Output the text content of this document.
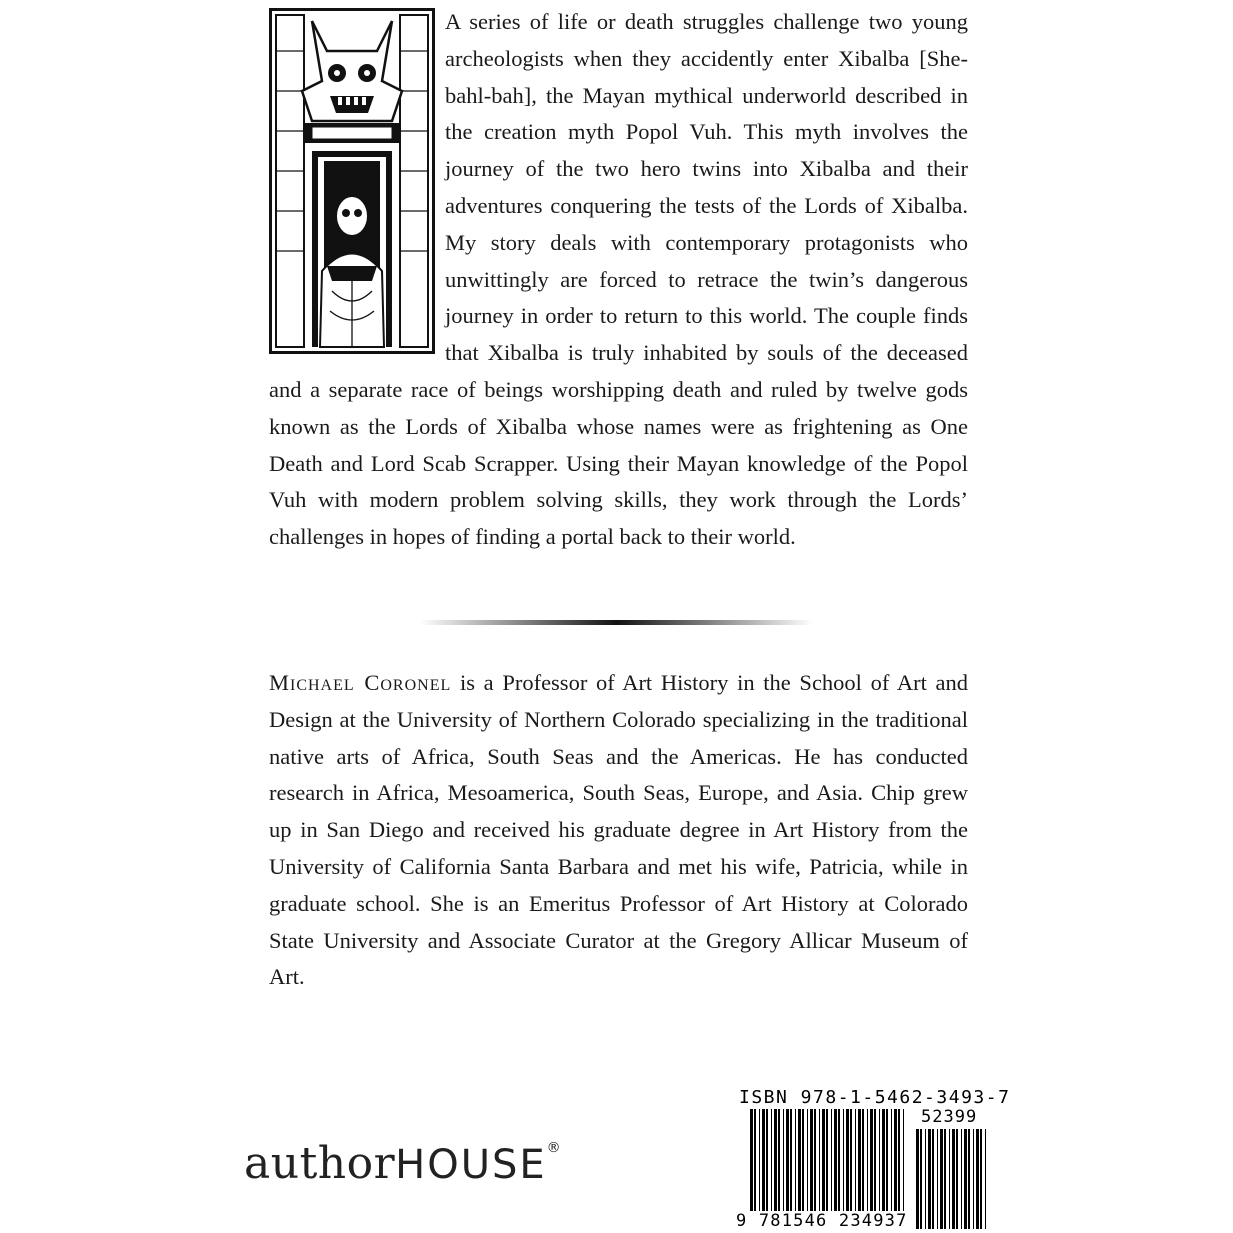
A series of life or death struggles challenge two young archeologists when they accidently enter Xibalba [She-bahl-bah], the Mayan mythical underworld described in the creation myth Popol Vuh. This myth involves the journey of the two hero twins into Xibalba and their adventures conquering the tests of the Lords of Xibalba. My story deals with contemporary protagonists who unwittingly are forced to retrace the twin’s dangerous journey in order to return to this world. The couple finds that Xibalba is truly inhabited by souls of the deceased and a separate race of beings worshipping death and ruled by twelve gods known as the Lords of Xibalba whose names were as frightening as One Death and Lord Scab Scrapper. Using their Mayan knowledge of the Popol Vuh with modern problem solving skills, they work through the Lords’ challenges in hopes of finding a portal back to their world.

Michael Coronel is a Professor of Art History in the School of Art and Design at the University of Northern Colorado specializing in the traditional native arts of Africa, South Seas and the Americas. He has conducted research in Africa, Mesoamerica, South Seas, Europe, and Asia. Chip grew up in San Diego and received his graduate degree in Art History from the University of California Santa Barbara and met his wife, Patricia, while in graduate school. She is an Emeritus Professor of Art History at Colorado State University and Associate Curator at the Gregory Allicar Museum of Art.

authorHOUSE®
ISBN 978-1-5462-3493-7
52399
9 781546 234937
